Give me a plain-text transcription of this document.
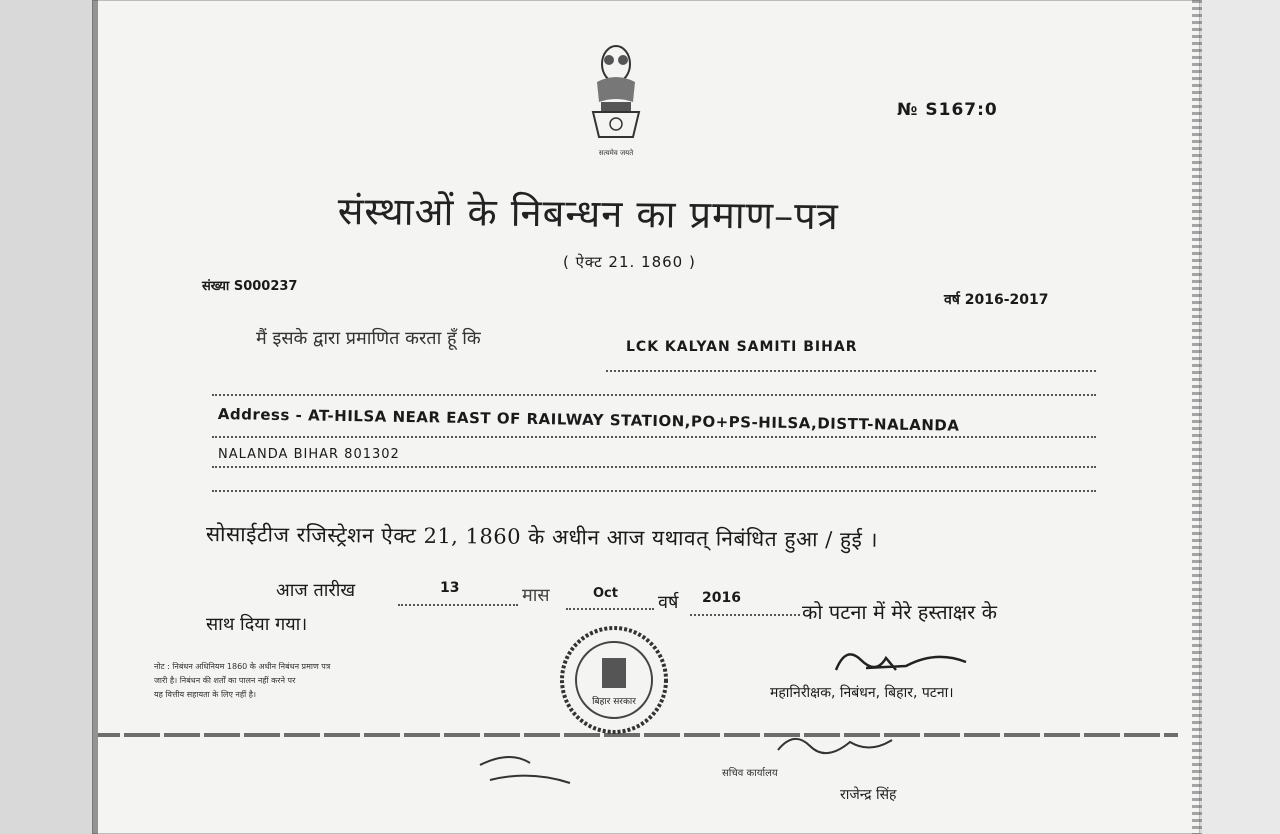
सत्यमेव जयते
№ S167:0
संस्थाओं के निबन्धन का प्रमाण–पत्र
( ऐक्ट 21. 1860 )
संख्या S000237
वर्ष 2016-2017
मैं इसके द्वारा प्रमाणित करता हूँ कि	LCK KALYAN SAMITI BIHAR
Address - AT-HILSA NEAR EAST OF RAILWAY STATION,PO+PS-HILSA,DISTT-NALANDA
NALANDA BIHAR 801302
सोसाईटीज रजिस्ट्रेशन ऐक्ट 21, 1860 के अधीन आज यथावत् निबंधित हुआ / हुई ।
आज तारीख	13	मास	Oct वर्ष 2016
को पटना में मेरे हस्ताक्षर के
साथ दिया गया।
नोट : निबंधन अधिनियम 1860 के अधीन निबंधन प्रमाण पत्र
जारी है। निबंधन की शर्तों का पालन नहीं करने पर
यह वित्तीय सहायता के लिए नहीं है।
बिहार सरकार
महानिरीक्षक, निबंधन, बिहार, पटना।
सचिव कार्यालय
राजेन्द्र सिंह
